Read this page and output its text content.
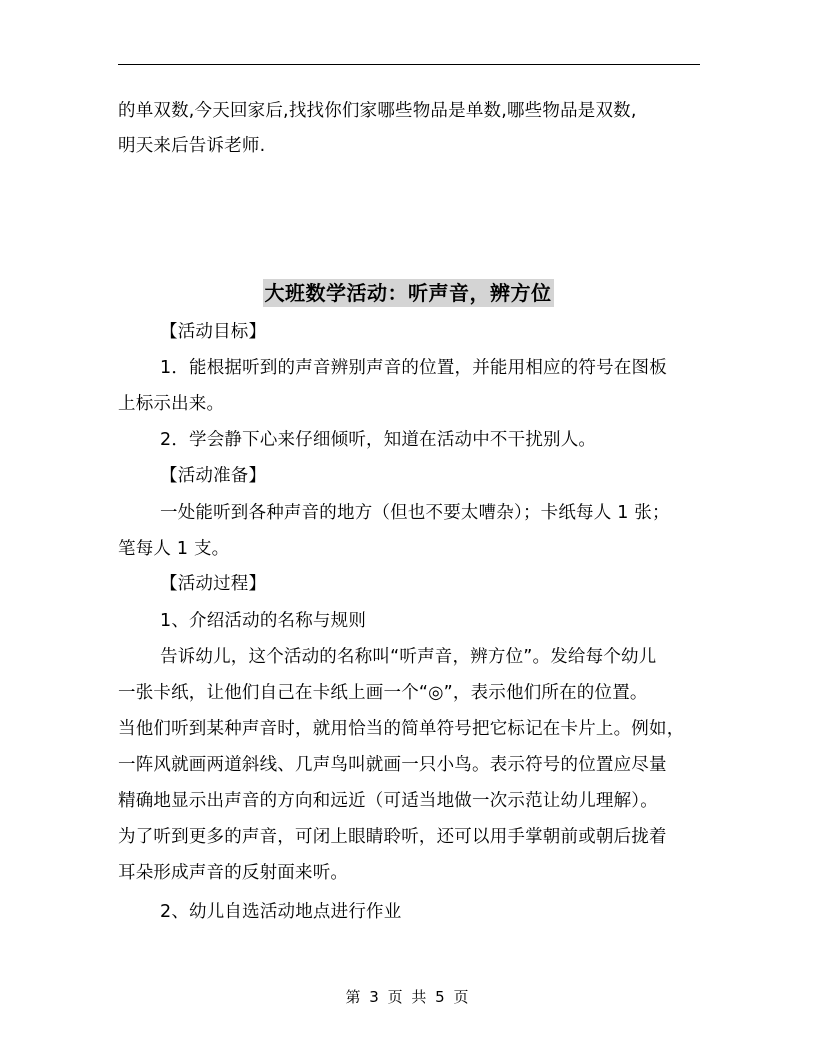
的单双数,今天回家后,找找你们家哪些物品是单数,哪些物品是双数,
明天来后告诉老师.
大班数学活动：听声音，辨方位
【活动目标】
1．能根据听到的声音辨别声音的位置，并能用相应的符号在图板
上标示出来。
2．学会静下心来仔细倾听，知道在活动中不干扰别人。
【活动准备】
一处能听到各种声音的地方（但也不要太嘈杂）；卡纸每人 1 张；
笔每人 1 支。
【活动过程】
1、介绍活动的名称与规则
告诉幼儿，这个活动的名称叫“听声音，辨方位”。发给每个幼儿
一张卡纸，让他们自己在卡纸上画一个“◎”，表示他们所在的位置。
当他们听到某种声音时，就用恰当的简单符号把它标记在卡片上。例如，
一阵风就画两道斜线、几声鸟叫就画一只小鸟。表示符号的位置应尽量
精确地显示出声音的方向和远近（可适当地做一次示范让幼儿理解）。
为了听到更多的声音，可闭上眼睛聆听，还可以用手掌朝前或朝后拢着
耳朵形成声音的反射面来听。
2、幼儿自选活动地点进行作业
第 3 页 共 5 页
